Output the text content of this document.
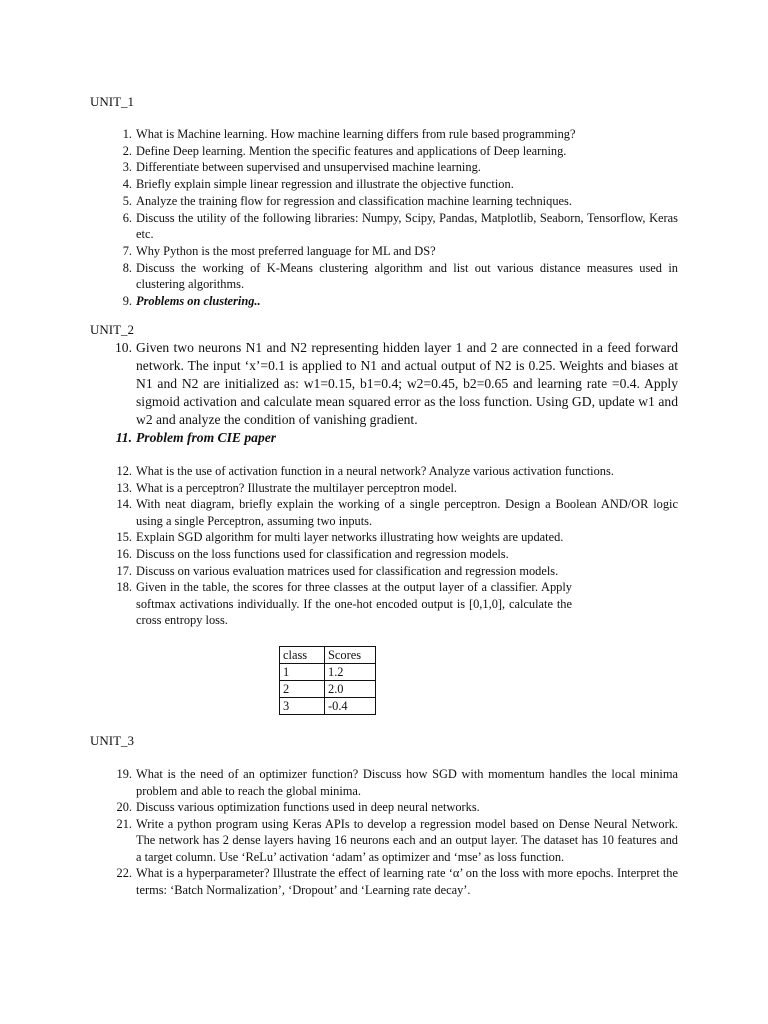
UNIT_1
1. What is Machine learning. How machine learning differs from rule based programming?
2. Define Deep learning. Mention the specific features and applications of Deep learning.
3. Differentiate between supervised and unsupervised machine learning.
4. Briefly explain simple linear regression and illustrate the objective function.
5. Analyze the training flow for regression and classification machine learning techniques.
6. Discuss the utility of the following libraries: Numpy, Scipy, Pandas, Matplotlib, Seaborn, Tensorflow, Keras etc.
7. Why Python is the most preferred language for ML and DS?
8. Discuss the working of K-Means clustering algorithm and list out various distance measures used in clustering algorithms.
9. Problems on clustering..
UNIT_2
10. Given two neurons N1 and N2 representing hidden layer 1 and 2 are connected in a feed forward network. The input ‘x’=0.1 is applied to N1 and actual output of N2 is 0.25. Weights and biases at N1 and N2 are initialized as: w1=0.15, b1=0.4; w2=0.45, b2=0.65 and learning rate =0.4. Apply sigmoid activation and calculate mean squared error as the loss function. Using GD, update w1 and w2 and analyze the condition of vanishing gradient.
11. Problem from CIE paper
12. What is the use of activation function in a neural network? Analyze various activation functions.
13. What is a perceptron? Illustrate the multilayer perceptron model.
14. With neat diagram, briefly explain the working of a single perceptron. Design a Boolean AND/OR logic using a single Perceptron, assuming two inputs.
15. Explain SGD algorithm for multi layer networks illustrating how weights are updated.
16. Discuss on the loss functions used for classification and regression models.
17. Discuss on various evaluation matrices used for classification and regression models.
18. Given in the table, the scores for three classes at the output layer of a classifier. Apply softmax activations individually. If the one-hot encoded output is [0,1,0], calculate the cross entropy loss.
class	Scores
1	1.2
2	2.0
3	-0.4
UNIT_3
19. What is the need of an optimizer function? Discuss how SGD with momentum handles the local minima problem and able to reach the global minima.
20. Discuss various optimization functions used in deep neural networks.
21. Write a python program using Keras APIs to develop a regression model based on Dense Neural Network. The network has 2 dense layers having 16 neurons each and an output layer. The dataset has 10 features and a target column. Use ‘ReLu’ activation ‘adam’ as optimizer and ‘mse’ as loss function.
22. What is a hyperparameter? Illustrate the effect of learning rate ‘α’ on the loss with more epochs. Interpret the terms: ‘Batch Normalization’, ‘Dropout’ and ‘Learning rate decay’.
